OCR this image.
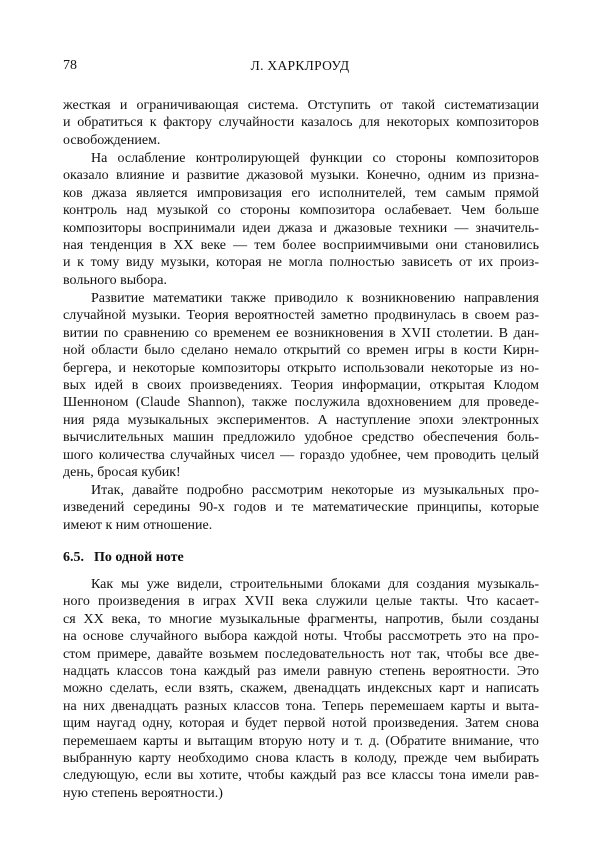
78	Л. ХАРКЛРОУД
жесткая и ограничивающая система. Отступить от такой систематизации
и обратиться к фактору случайности казалось для некоторых композиторов
освобождением.
На ослабление контролирующей функции со стороны композиторов
оказало влияние и развитие джазовой музыки. Конечно, одним из призна-
ков джаза является импровизация его исполнителей, тем самым прямой
контроль над музыкой со стороны композитора ослабевает. Чем больше
композиторы воспринимали идеи джаза и джазовые техники — значитель-
ная тенденция в XX веке — тем более восприимчивыми они становились
и к тому виду музыки, которая не могла полностью зависеть от их произ-
вольного выбора.
Развитие математики также приводило к возникновению направления
случайной музыки. Теория вероятностей заметно продвинулась в своем раз-
витии по сравнению со временем ее возникновения в XVII столетии. В дан-
ной области было сделано немало открытий со времен игры в кости Кирн-
бергера, и некоторые композиторы открыто использовали некоторые из но-
вых идей в своих произведениях. Теория информации, открытая Клодом
Шенноном (Claude Shannon), также послужила вдохновением для проведе-
ния ряда музыкальных экспериментов. А наступление эпохи электронных
вычислительных машин предложило удобное средство обеспечения боль-
шого количества случайных чисел — гораздо удобнее, чем проводить целый
день, бросая кубик!
Итак, давайте подробно рассмотрим некоторые из музыкальных про-
изведений середины 90-х годов и те математические принципы, которые
имеют к ним отношение.
6.5. По одной ноте
Как мы уже видели, строительными блоками для создания музыкаль-
ного произведения в играх XVII века служили целые такты. Что касает-
ся XX века, то многие музыкальные фрагменты, напротив, были созданы
на основе случайного выбора каждой ноты. Чтобы рассмотреть это на про-
стом примере, давайте возьмем последовательность нот так, чтобы все две-
надцать классов тона каждый раз имели равную степень вероятности. Это
можно сделать, если взять, скажем, двенадцать индексных карт и написать
на них двенадцать разных классов тона. Теперь перемешаем карты и выта-
щим наугад одну, которая и будет первой нотой произведения. Затем снова
перемешаем карты и вытащим вторую ноту и т. д. (Обратите внимание, что
выбранную карту необходимо снова класть в колоду, прежде чем выбирать
следующую, если вы хотите, чтобы каждый раз все классы тона имели рав-
ную степень вероятности.)
